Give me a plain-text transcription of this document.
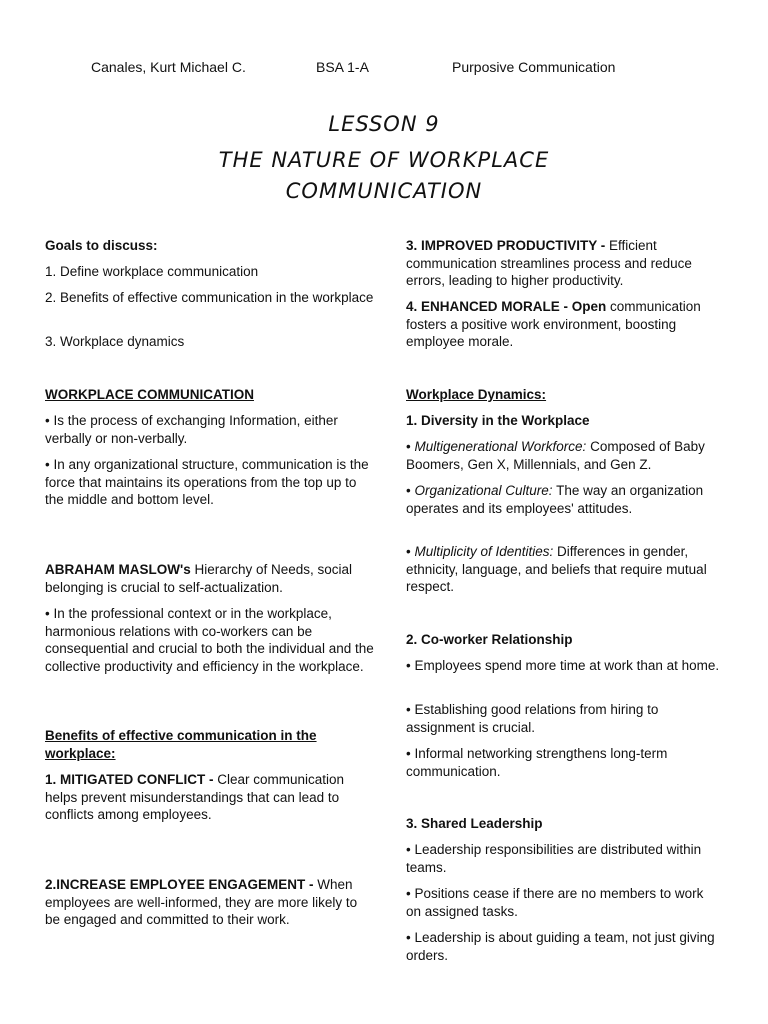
Canales, Kurt Michael C.	BSA 1-A	Purposive Communication
LESSON 9
THE NATURE OF WORKPLACE
COMMUNICATION
Goals to discuss:
1. Define workplace communication
2. Benefits of effective communication in the workplace
3. Workplace dynamics
WORKPLACE COMMUNICATION
• Is the process of exchanging Information, either verbally or non-verbally.
• In any organizational structure, communication is the force that maintains its operations from the top up to the middle and bottom level.
ABRAHAM MASLOW's Hierarchy of Needs, social belonging is crucial to self-actualization.
• In the professional context or in the workplace, harmonious relations with co-workers can be consequential and crucial to both the individual and the collective productivity and efficiency in the workplace.
Benefits of effective communication in the workplace:
1. MITIGATED CONFLICT - Clear communication helps prevent misunderstandings that can lead to conflicts among employees.
2.INCREASE EMPLOYEE ENGAGEMENT - When employees are well-informed, they are more likely to be engaged and committed to their work.
3. IMPROVED PRODUCTIVITY - Efficient communication streamlines process and reduce errors, leading to higher productivity.
4. ENHANCED MORALE - Open communication fosters a positive work environment, boosting employee morale.
Workplace Dynamics:
1. Diversity in the Workplace
• Multigenerational Workforce: Composed of Baby Boomers, Gen X, Millennials, and Gen Z.
• Organizational Culture: The way an organization operates and its employees' attitudes.
• Multiplicity of Identities: Differences in gender, ethnicity, language, and beliefs that require mutual respect.
2. Co-worker Relationship
• Employees spend more time at work than at home.
• Establishing good relations from hiring to assignment is crucial.
• Informal networking strengthens long-term communication.
3. Shared Leadership
• Leadership responsibilities are distributed within teams.
• Positions cease if there are no members to work on assigned tasks.
• Leadership is about guiding a team, not just giving orders.
